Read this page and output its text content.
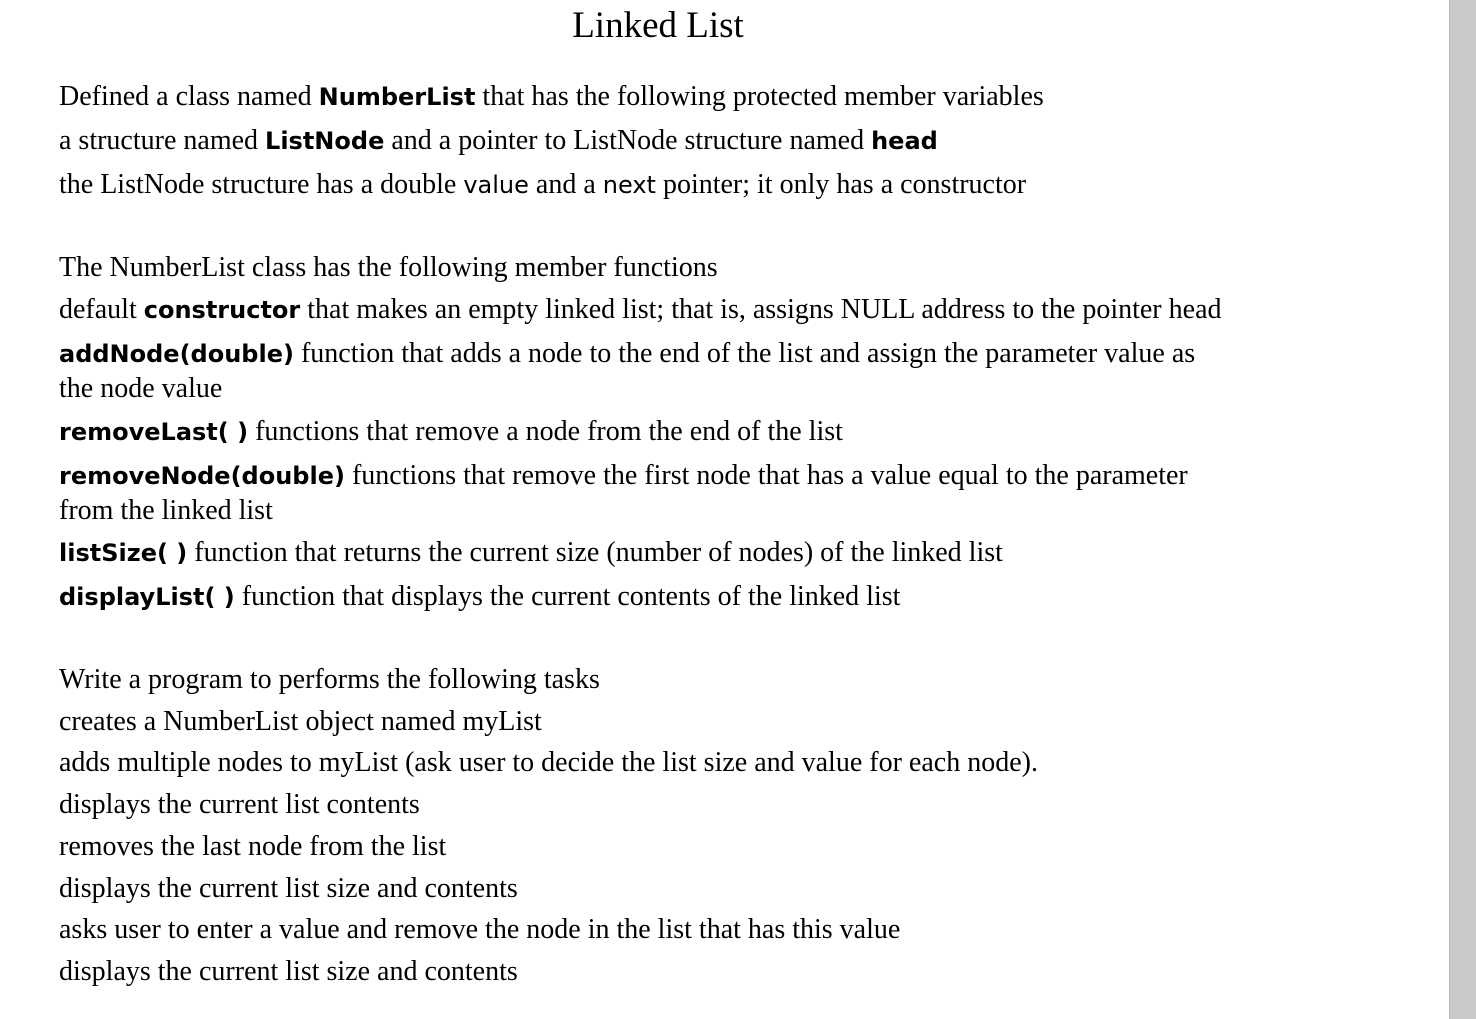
Linked List
Defined a class named NumberList that has the following protected member variables
a structure named ListNode and a pointer to ListNode structure named head
the ListNode structure has a double value and a next pointer; it only has a constructor
The NumberList class has the following member functions
default constructor that makes an empty linked list; that is, assigns NULL address to the pointer head
addNode(double) function that adds a node to the end of the list and assign the parameter value as
the node value
removeLast( ) functions that remove a node from the end of the list
removeNode(double) functions that remove the first node that has a value equal to the parameter
from the linked list
listSize( ) function that returns the current size (number of nodes) of the linked list
displayList( ) function that displays the current contents of the linked list
Write a program to performs the following tasks
creates a NumberList object named myList
adds multiple nodes to myList (ask user to decide the list size and value for each node).
displays the current list contents
removes the last node from the list
displays the current list size and contents
asks user to enter a value and remove the node in the list that has this value
displays the current list size and contents
